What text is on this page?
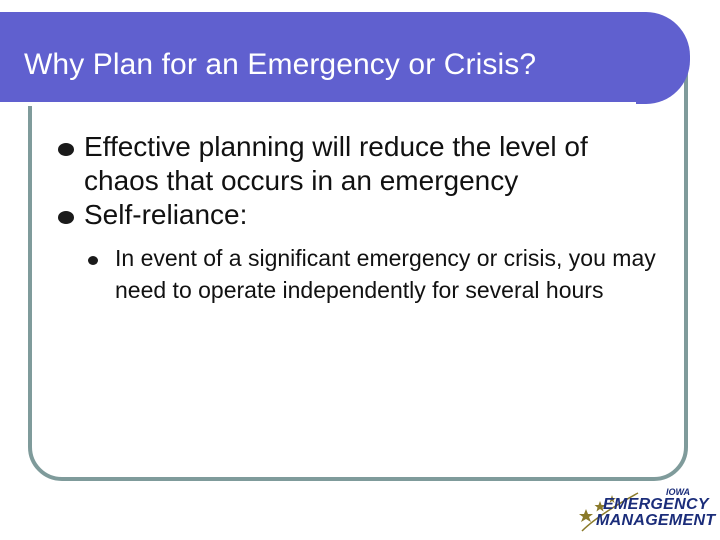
Why Plan for an Emergency or Crisis?
Effective planning will reduce the level of chaos that occurs in an emergency
Self-reliance:
In event of a significant emergency or crisis, you may need to operate independently for several hours
IOWA
EMERGENCY
MANAGEMENT
